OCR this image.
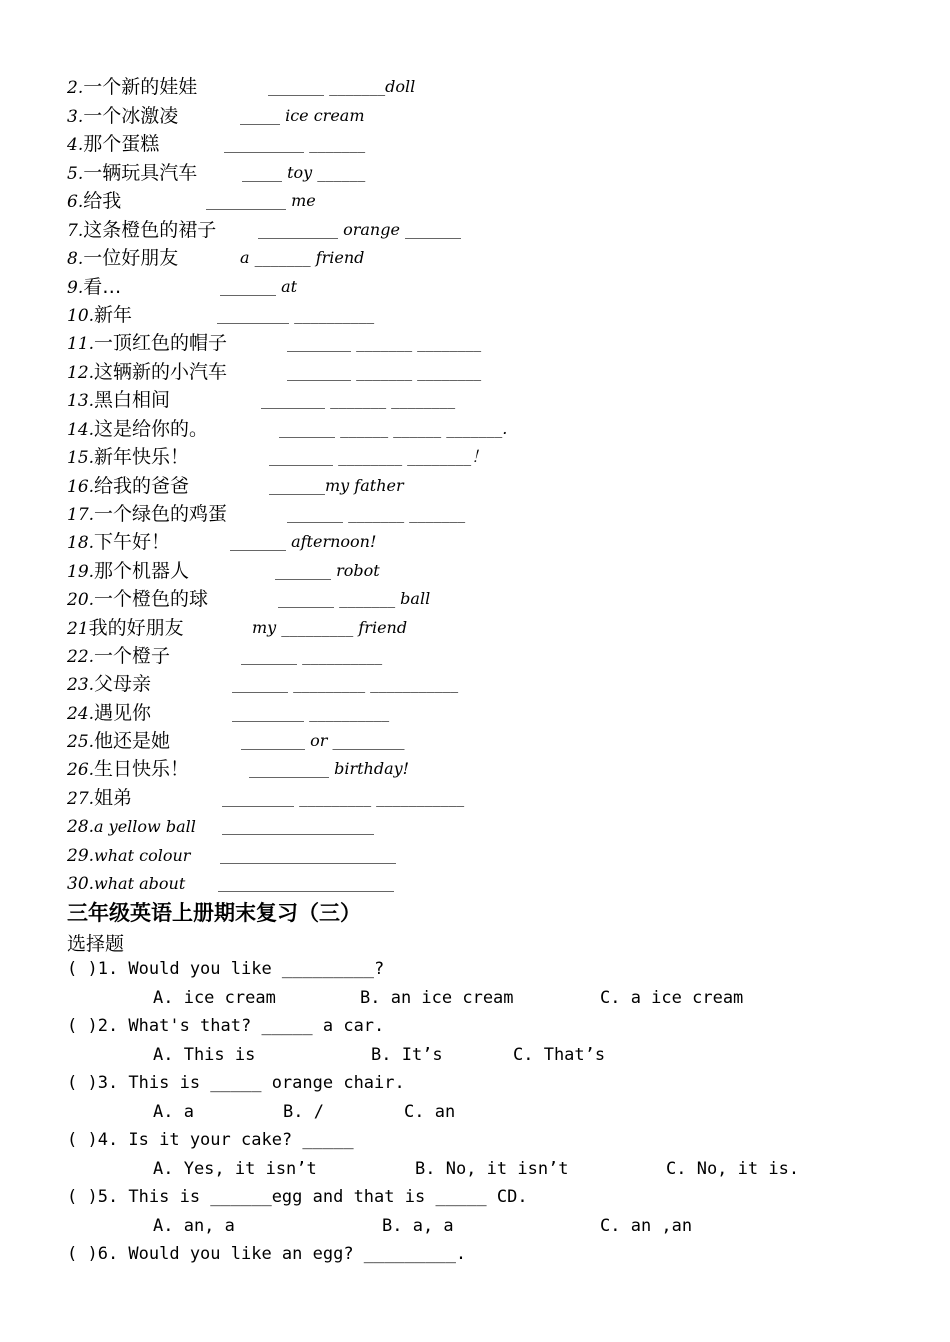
2.一个新的娃娃	_______ _______doll
3.一个冰激凌	_____ ice cream
4.那个蛋糕	__________ _______
5.一辆玩具汽车	_____ toy ______
6.给我	__________ me
7.这条橙色的裙子	__________ orange _______
8.一位好朋友	a _______ friend
9.看…	_______ at
10.新年	_________ __________
11.一顶红色的帽子	________ _______ ________
12.这辆新的小汽车	________ _______ ________
13.黑白相间	________ _______ ________
14.这是给你的。	_______ ______ ______ _______.
15.新年快乐！	________ ________ ________！
16.给我的爸爸	_______my father
17.一个绿色的鸡蛋	_______ _______ _______
18.下午好！	_______ afternoon!
19.那个机器人	_______ robot
20.一个橙色的球	_______ _______ ball
21我的好朋友	my _________ friend
22.一个橙子	_______ __________
23.父母亲	_______ _________ ___________
24.遇见你	_________ __________
25.他还是她	________ or _________
26.生日快乐！	__________ birthday!
27.姐弟	_________ _________ ___________
28.a yellow ball ___________________
29.what colour ______________________
30.what about ______________________
三年级英语上册期末复习（三）
选择题
( )1. Would you like _________?
A. ice cream	B. an ice cream	C. a ice cream
( )2. What's that? _____ a car.
A. This is	B. It’s	C. That’s
( )3. This is _____ orange chair.
A. a	B. /	C. an
( )4. Is it your cake? _____
A. Yes, it isn’t	B. No, it isn’t	C. No, it is.
( )5. This is ______egg and that is _____ CD.
A. an, a	B. a, a	C. an ,an
( )6. Would you like an egg? _________.
